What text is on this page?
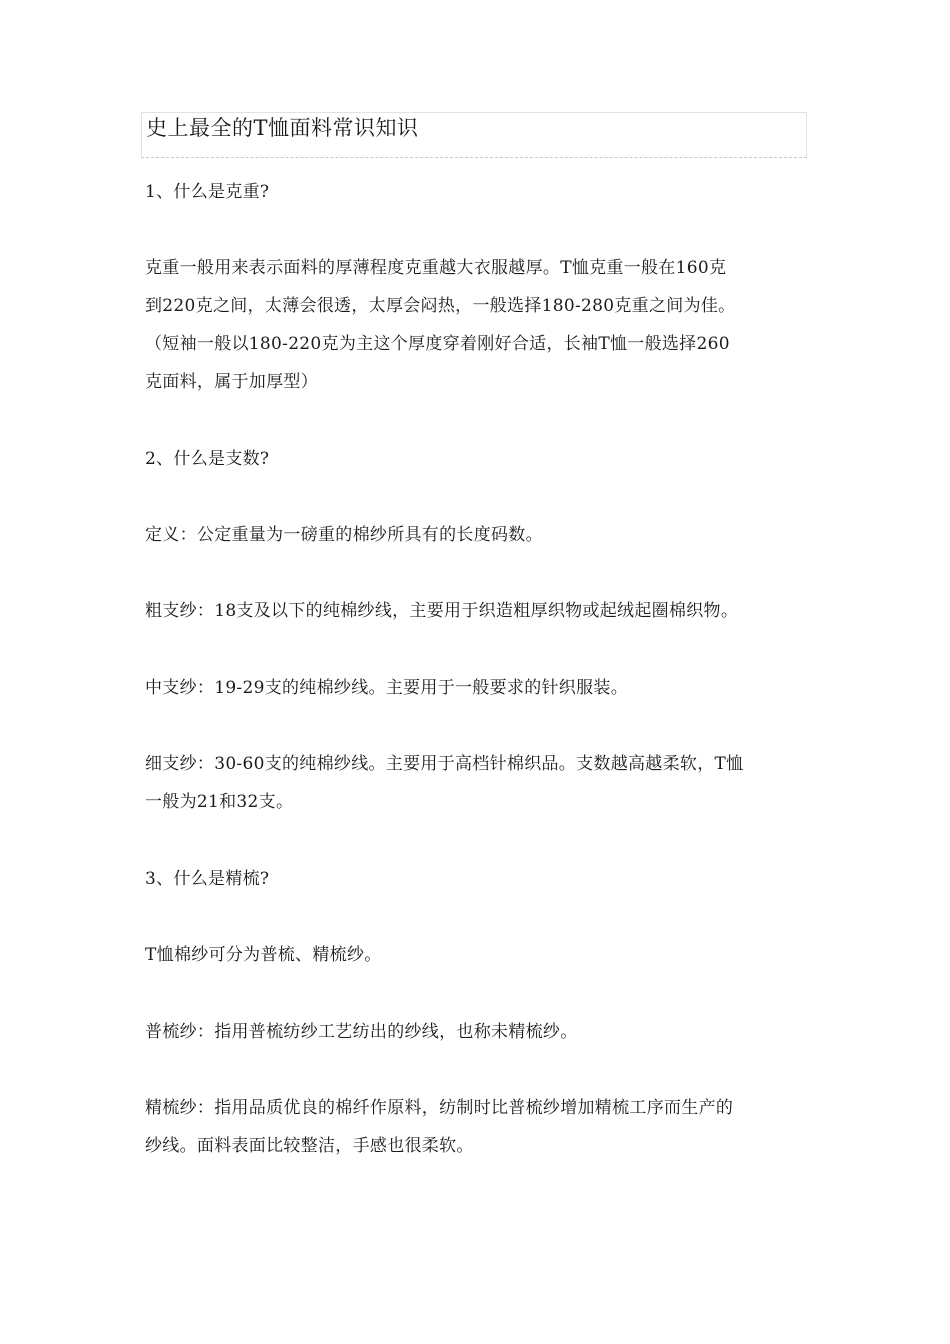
史上最全的T恤面料常识知识
1、什么是克重?
克重一般用来表示面料的厚薄程度克重越大衣服越厚。T恤克重一般在160克
到220克之间，太薄会很透，太厚会闷热，一般选择180-280克重之间为佳。
（短袖一般以180-220克为主这个厚度穿着刚好合适，长袖T恤一般选择260
克面料，属于加厚型）
2、什么是支数?
定义：公定重量为一磅重的棉纱所具有的长度码数。
粗支纱：18支及以下的纯棉纱线，主要用于织造粗厚织物或起绒起圈棉织物。
中支纱：19-29支的纯棉纱线。主要用于一般要求的针织服装。
细支纱：30-60支的纯棉纱线。主要用于高档针棉织品。支数越高越柔软，T恤
一般为21和32支。
3、什么是精梳?
T恤棉纱可分为普梳、精梳纱。
普梳纱：指用普梳纺纱工艺纺出的纱线，也称未精梳纱。
精梳纱：指用品质优良的棉纤作原料，纺制时比普梳纱增加精梳工序而生产的
纱线。面料表面比较整洁，手感也很柔软。
